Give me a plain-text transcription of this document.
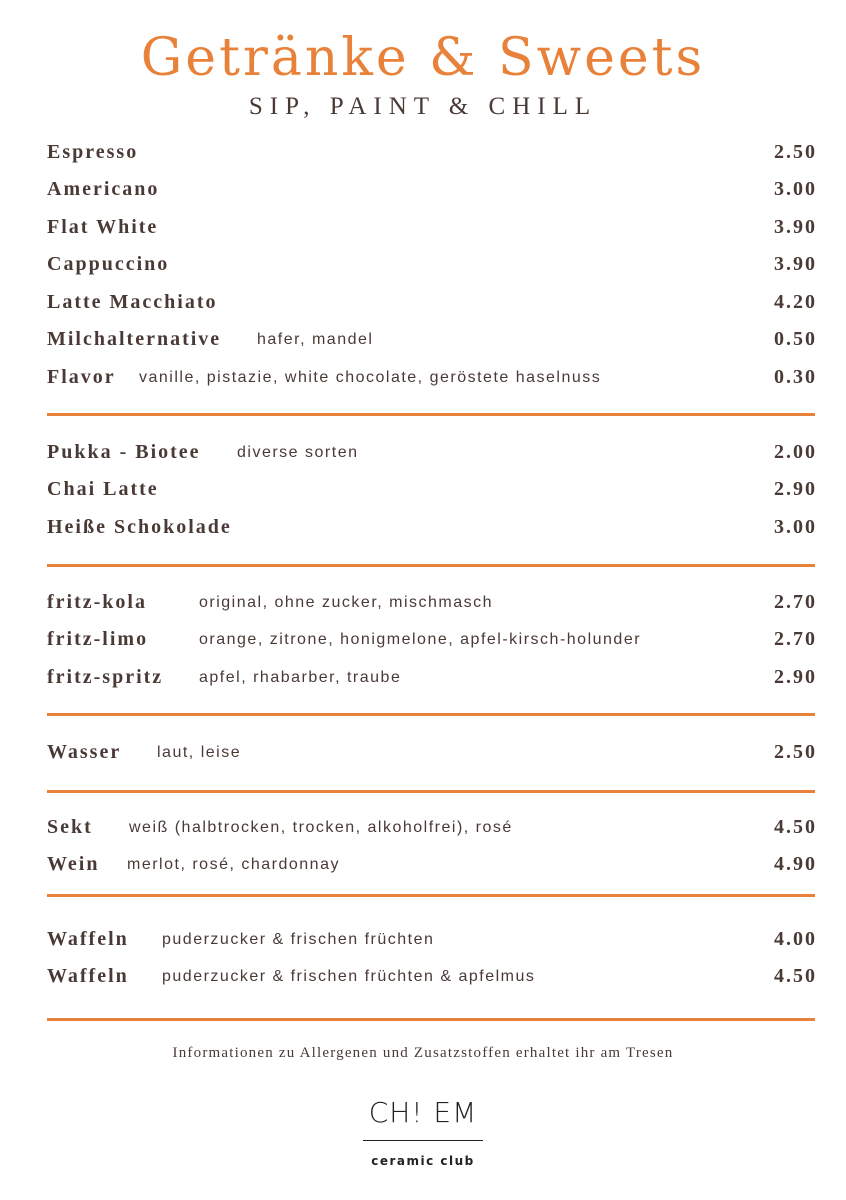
Getränke & Sweets
SIP, PAINT & CHILL
Espresso	2.50
Americano	3.00
Flat White	3.90
Cappuccino	3.90
Latte Macchiato	4.20
Milchalternative hafer, mandel	0.50
Flavor vanille, pistazie, white chocolate, geröstete haselnuss	0.30
Pukka - Biotee diverse sorten	2.00
Chai Latte	2.90
Heiße Schokolade	3.00
fritz-kola	original, ohne zucker, mischmasch	2.70
fritz-limo	orange, zitrone, honigmelone, apfel-kirsch-holunder	2.70
fritz-spritz apfel, rhabarber, traube	2.90
Wasser laut, leise	2.50
Sekt weiß (halbtrocken, trocken, alkoholfrei), rosé	4.50
Wein merlot, rosé, chardonnay	4.90
Waffeln puderzucker & frischen früchten	4.00
Waffeln puderzucker & frischen früchten & apfelmus	4.50
Informationen zu Allergenen und Zusatzstoffen erhaltet ihr am Tresen
CH! EM
ceramic club
